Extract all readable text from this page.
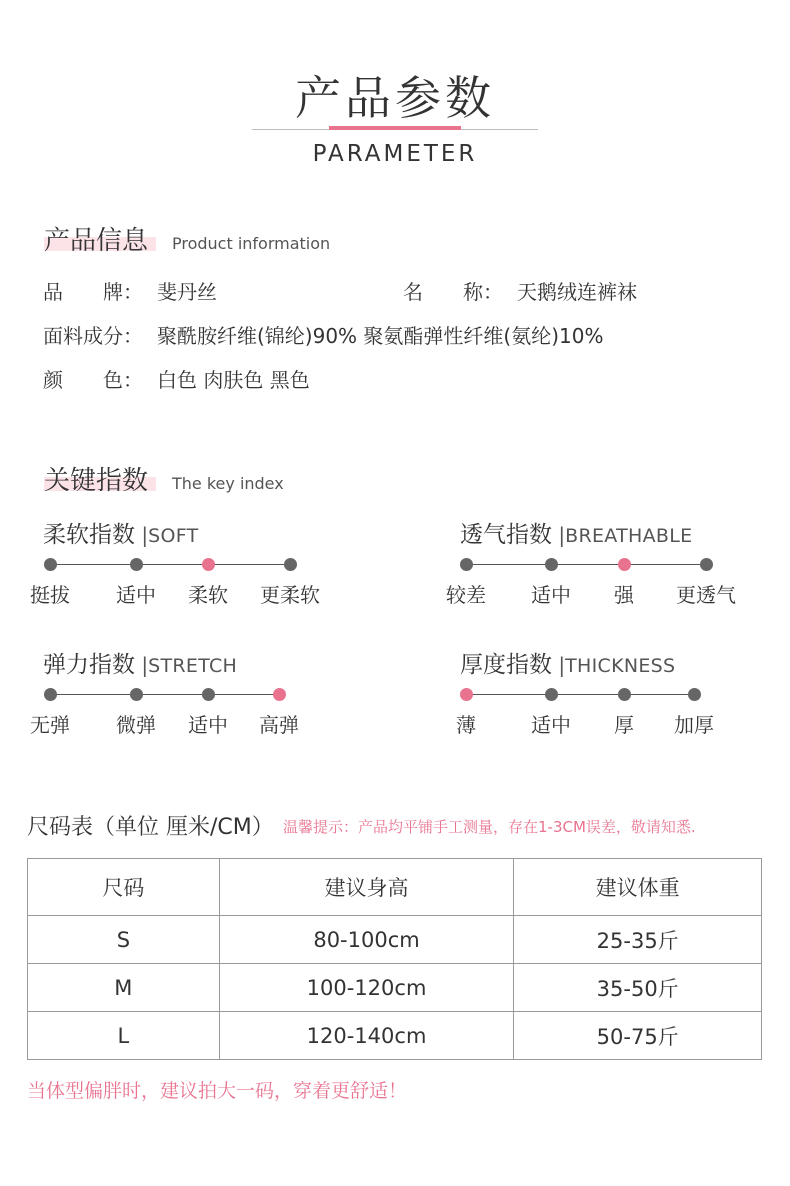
产品参数
PARAMETER
产品信息 Product information
品　　牌： 斐丹丝	名　　称： 天鹅绒连裤袜
面料成分： 聚酰胺纤维(锦纶)90% 聚氨酯弹性纤维(氨纶)10%
颜　　色： 白色 肉肤色 黑色
关键指数 The key index
柔软指数 |SOFT
挺拔	适中	柔软	更柔软
透气指数 |BREATHABLE
较差	适中	强	更透气
弹力指数 |STRETCH
无弹	微弹	适中	高弹
厚度指数 |THICKNESS
薄	适中	厚	加厚
尺码表（单位 厘米/CM） 温馨提示：产品均平铺手工测量，存在1-3CM误差，敬请知悉.
尺码	建议身高	建议体重
S	80-100cm	25-35斤
M	100-120cm	35-50斤
L	120-140cm	50-75斤
当体型偏胖时，建议拍大一码，穿着更舒适！
